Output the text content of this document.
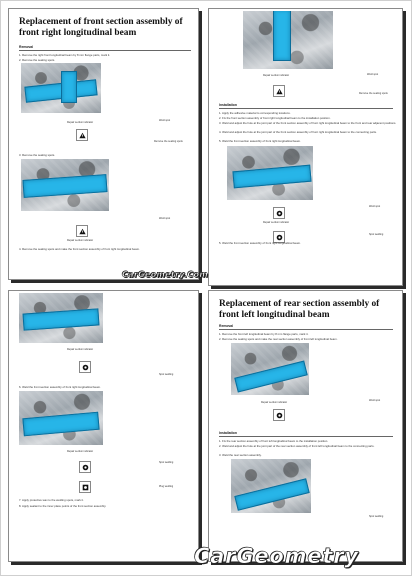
Replacement of front section assembly of front right longitudinal beam
Removal
1. Remove the right front longitudinal beam by 8 mm flange parts, mark it.
2. Remove the sealing spots.
Repair section indicator
Weld spot
Remove the sealing spots
3. Remove the sealing spots.
Weld spot
Repair section indicator
4. Remove the sealing spots and make the front section assembly of front right longitudinal beam.
Repair section indicator	Weld spot
Remove the sealing spots
Installation
1. Apply the adhesive material to corresponding locations.
2. Fix the front section assembly of front right longitudinal beam to the installation position.
3. Weld and adjust the hole at the joint part of the front section assembly of front right longitudinal beam to the front and rear adjacent positions.
4. Weld and adjust the hole at the joint part of the front section assembly of front right longitudinal beam to the connecting parts.
5. Weld the front section assembly of front right longitudinal beam.
Weld spot
Repair section indicator
Spot welding
5. Weld the front section assembly of front right longitudinal beam.
CarGeometry.Com
Repair section indicator
Spot welding
6. Weld the front section assembly of front right longitudinal beam.
Repair section indicator
Spot welding
Plug welding
7. Apply protective wax to the welding spots, mark it.
8. Apply sealant to the inner place points of the front section assembly.
Replacement of rear section assembly of front left longitudinal beam
Removal
1. Remove the front left longitudinal beam by 8 mm flange parts, mark it.
2. Remove the sealing spots and make the rear section assembly of front left longitudinal beam.
Repair section indicator
Weld spot
Installation
1. Fix the rear section assembly of front left longitudinal beam to the installation position.
2. Weld and adjust the hole at the joint part of the rear section assembly of front left longitudinal beam to the connecting parts.
3. Weld the rear section assembly.
Spot welding
CarGeometry
